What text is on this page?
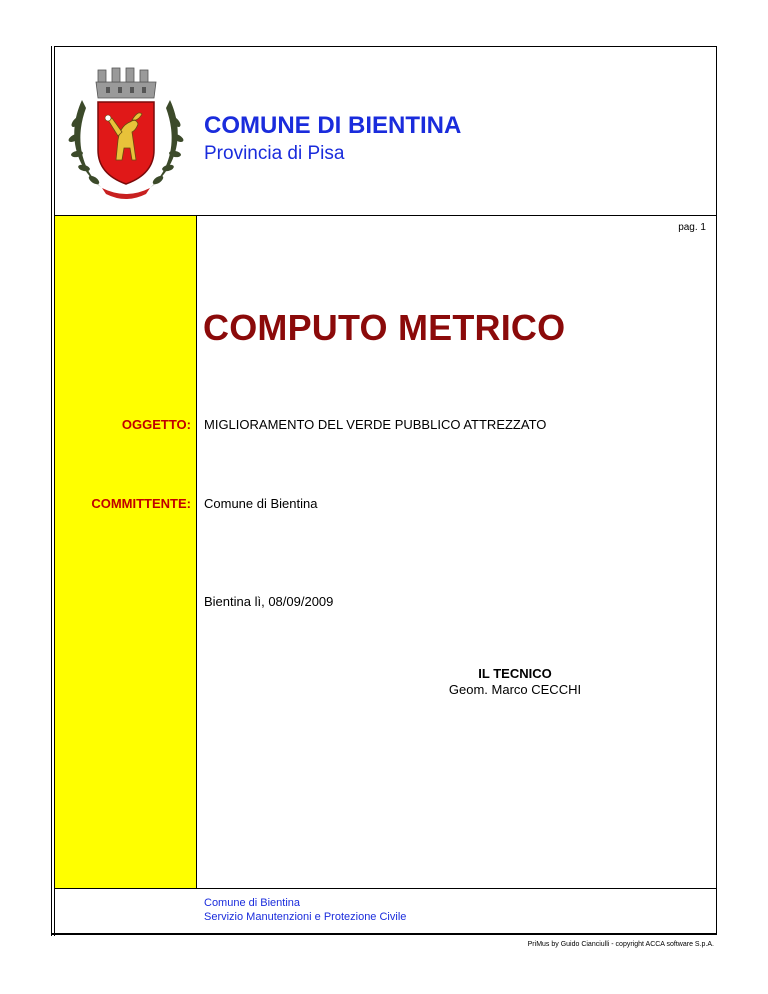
COMUNE DI BIENTINA
Provincia di Pisa
pag. 1
COMPUTO METRICO
OGGETTO: MIGLIORAMENTO DEL VERDE PUBBLICO ATTREZZATO
COMMITTENTE: Comune di Bientina
Bientina lì, 08/09/2009
IL TECNICO
Geom. Marco CECCHI
Comune di Bientina
Servizio Manutenzioni e Protezione Civile
PriMus by Guido Cianciulli - copyright ACCA software S.p.A.
